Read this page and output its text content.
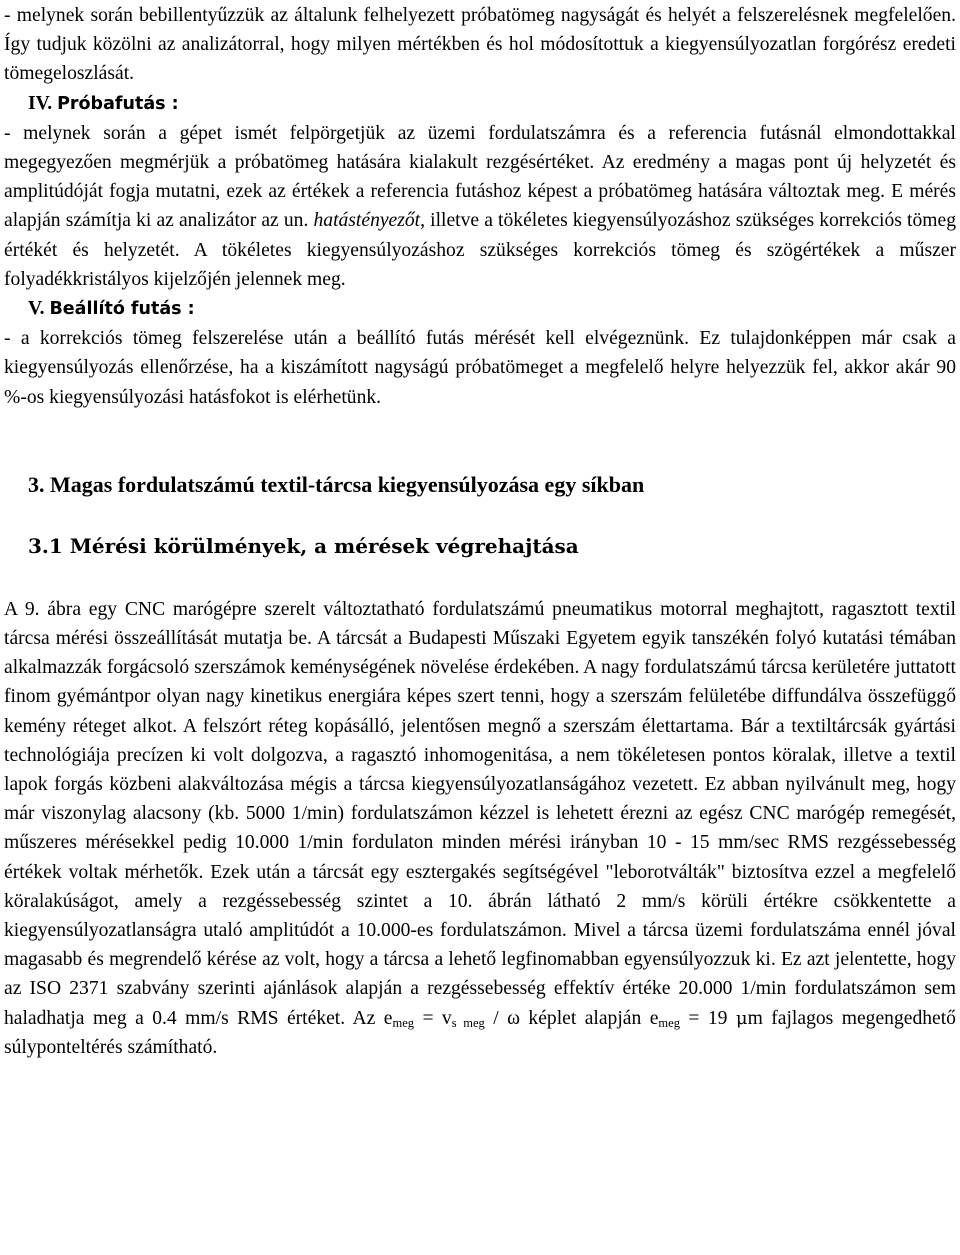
- melynek során bebillentyűzzük az általunk felhelyezett próbatömeg nagyságát és helyét a felszerelésnek megfelelően. Így tudjuk közölni az analizátorral, hogy milyen mértékben és hol módosítottuk a kiegyensúlyozatlan forgórész eredeti tömegeloszlását.

IV. Próbafutás :

- melynek során a gépet ismét felpörgetjük az üzemi fordulatszámra és a referencia futásnál elmondottakkal megegyezően megmérjük a próbatömeg hatására kialakult rezgésértéket. Az eredmény a magas pont új helyzetét és amplitúdóját fogja mutatni, ezek az értékek a referencia futáshoz képest a próbatömeg hatására változtak meg. E mérés alapján számítja ki az analizátor az un. hatástényezőt, illetve a tökéletes kiegyensúlyozáshoz szükséges korrekciós tömeg értékét és helyzetét. A tökéletes kiegyensúlyozáshoz szükséges korrekciós tömeg és szögértékek a műszer folyadékkristályos kijelzőjén jelennek meg.

V. Beállító futás :

- a korrekciós tömeg felszerelése után a beállító futás mérését kell elvégeznünk. Ez tulajdonképpen már csak a kiegyensúlyozás ellenőrzése, ha a kiszámított nagyságú próbatömeget a megfelelő helyre helyezzük fel, akkor akár 90 %-os kiegyensúlyozási hatásfokot is elérhetünk.

3. Magas fordulatszámú textil-tárcsa kiegyensúlyozása egy síkban
3.1 Mérési körülmények, a mérések végrehajtása

A 9. ábra egy CNC marógépre szerelt változtatható fordulatszámú pneumatikus motorral meghajtott, ragasztott textil tárcsa mérési összeállítását mutatja be. A tárcsát a Budapesti Műszaki Egyetem egyik tanszékén folyó kutatási témában alkalmazzák forgácsoló szerszámok keménységének növelése érdekében. A nagy fordulatszámú tárcsa kerületére juttatott finom gyémántpor olyan nagy kinetikus energiára képes szert tenni, hogy a szerszám felületébe diffundálva összefüggő kemény réteget alkot. A felszórt réteg kopásálló, jelentősen megnő a szerszám élettartama. Bár a textiltárcsák gyártási technológiája precízen ki volt dolgozva, a ragasztó inhomogenitása, a nem tökéletesen pontos köralak, illetve a textil lapok forgás közbeni alakváltozása mégis a tárcsa kiegyensúlyozatlanságához vezetett. Ez abban nyilvánult meg, hogy már viszonylag alacsony (kb. 5000 1/min) fordulatszámon kézzel is lehetett érezni az egész CNC marógép remegését, műszeres mérésekkel pedig 10.000 1/min fordulaton minden mérési irányban 10 - 15 mm/sec RMS rezgéssebesség értékek voltak mérhetők. Ezek után a tárcsát egy esztergakés segítségével "leborotválták" biztosítva ezzel a megfelelő köralakúságot, amely a rezgéssebesség szintet a 10. ábrán látható 2 mm/s körüli értékre csökkentette a kiegyensúlyozatlanságra utaló amplitúdót a 10.000-es fordulatszámon. Mivel a tárcsa üzemi fordulatszáma ennél jóval magasabb és megrendelő kérése az volt, hogy a tárcsa a lehető legfinomabban egyensúlyozzuk ki. Ez azt jelentette, hogy az ISO 2371 szabvány szerinti ajánlások alapján a rezgéssebesség effektív értéke 20.000 1/min fordulatszámon sem haladhatja meg a 0.4 mm/s RMS értéket. Az $e_{meg} = v_{s meg} / \omega$ képlet alapján $e_{meg} = 19$ μm fajlagos megengedhető súlyponteltérés számítható.
